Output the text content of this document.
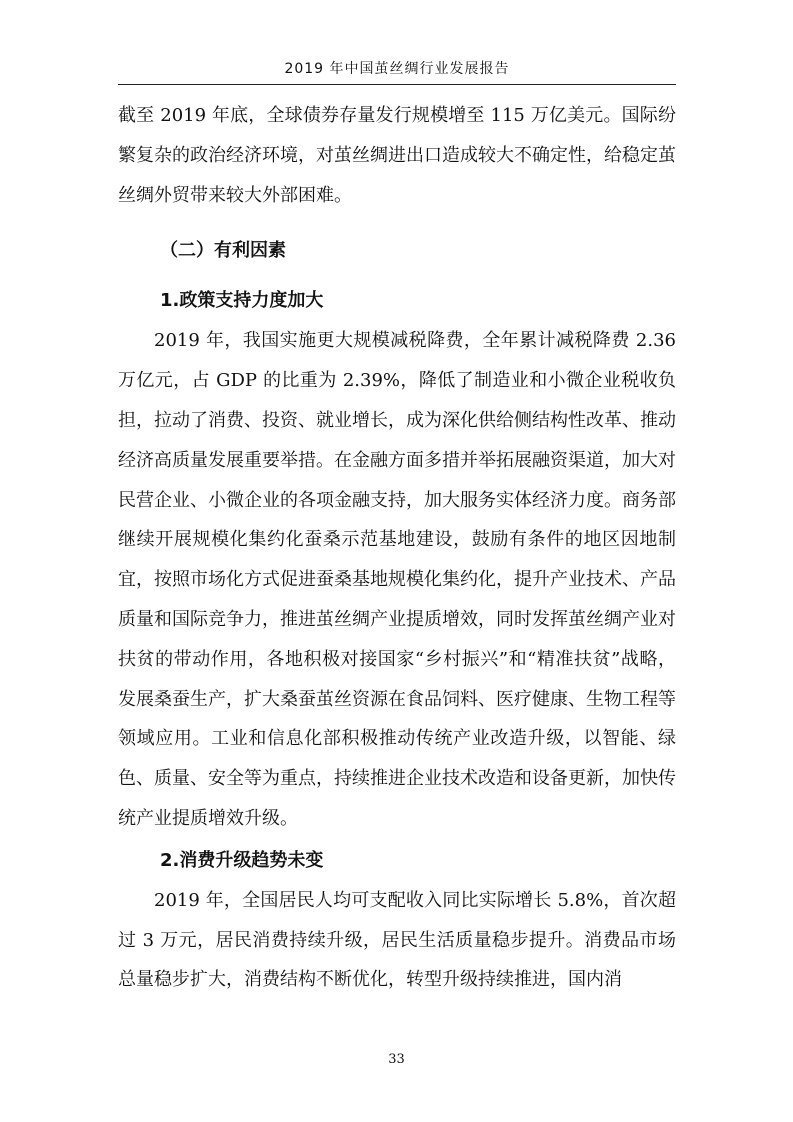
2019 年中国茧丝绸行业发展报告

截至 2019 年底，全球债券存量发行规模增至 115 万亿美元。国际纷繁复杂的政治经济环境，对茧丝绸进出口造成较大不确定性，给稳定茧丝绸外贸带来较大外部困难。

（二）有利因素
1.政策支持力度加大

2019 年，我国实施更大规模减税降费，全年累计减税降费 2.36 万亿元，占 GDP 的比重为 2.39%，降低了制造业和小微企业税收负担，拉动了消费、投资、就业增长，成为深化供给侧结构性改革、推动经济高质量发展重要举措。在金融方面多措并举拓展融资渠道，加大对民营企业、小微企业的各项金融支持，加大服务实体经济力度。商务部继续开展规模化集约化蚕桑示范基地建设，鼓励有条件的地区因地制宜，按照市场化方式促进蚕桑基地规模化集约化，提升产业技术、产品质量和国际竞争力，推进茧丝绸产业提质增效，同时发挥茧丝绸产业对扶贫的带动作用，各地积极对接国家“乡村振兴”和“精准扶贫”战略，发展桑蚕生产，扩大桑蚕茧丝资源在食品饲料、医疗健康、生物工程等领域应用。工业和信息化部积极推动传统产业改造升级，以智能、绿色、质量、安全等为重点，持续推进企业技术改造和设备更新，加快传统产业提质增效升级。

2.消费升级趋势未变

2019 年，全国居民人均可支配收入同比实际增长 5.8%，首次超过 3 万元，居民消费持续升级，居民生活质量稳步提升。消费品市场总量稳步扩大，消费结构不断优化，转型升级持续推进，国内消

33
